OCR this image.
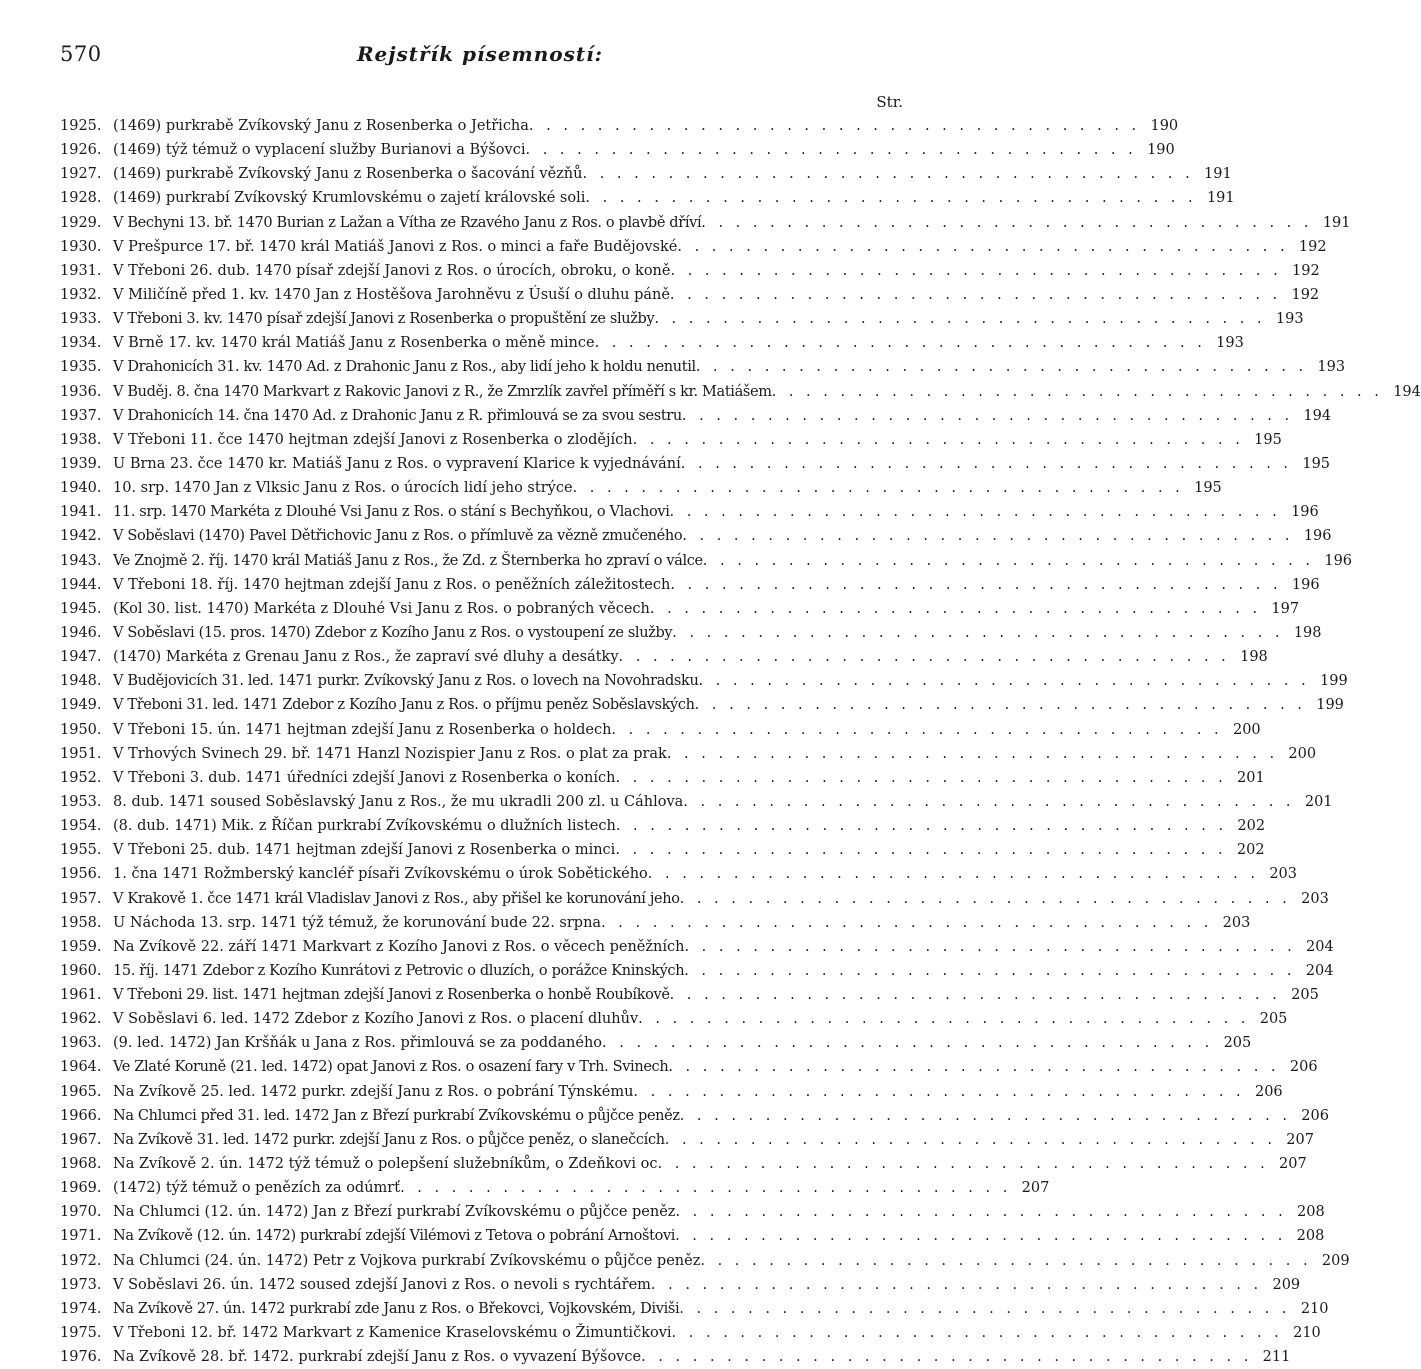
570	Rejstřík písemností:
Str.
1925. (1469) purkrabě Zvíkovský Janu z Rosenberka o Jetřicha . . . . . . . . . . . . . . . . . . . . . . . . . . . . . . . . . . . . 190
1926. (1469) týž témuž o vyplacení služby Burianovi a Býšovci . . . . . . . . . . . . . . . . . . . . . . . . . . . . . . . . . . . . 190
1927. (1469) purkrabě Zvíkovský Janu z Rosenberka o šacování vězňů . . . . . . . . . . . . . . . . . . . . . . . . . . . . . . . . . . . . 191
1928. (1469) purkrabí Zvíkovský Krumlovskému o zajetí královské soli . . . . . . . . . . . . . . . . . . . . . . . . . . . . . . . . . . . . 191
1929. V Bechyni 13. bř. 1470 Burian z Lažan a Vítha ze Rzavého Janu z Ros. o plavbě dříví . . . . . . . . . . . . . . . . . . . . . . . . . . . . . . . . . . . . 191
1930. V Prešpurce 17. bř. 1470 král Matiáš Janovi z Ros. o minci a faře Budějovské . . . . . . . . . . . . . . . . . . . . . . . . . . . . . . . . . . . . 192
1931. V Třeboni 26. dub. 1470 písař zdejší Janovi z Ros. o úrocích, obroku, o koně . . . . . . . . . . . . . . . . . . . . . . . . . . . . . . . . . . . . 192
1932. V Miličíně před 1. kv. 1470 Jan z Hostěšova Jarohněvu z Úsuší o dluhu páně . . . . . . . . . . . . . . . . . . . . . . . . . . . . . . . . . . . . 192
1933. V Třeboni 3. kv. 1470 písař zdejší Janovi z Rosenberka o propuštění ze služby . . . . . . . . . . . . . . . . . . . . . . . . . . . . . . . . . . . . 193
1934. V Brně 17. kv. 1470 král Matiáš Janu z Rosenberka o měně mince . . . . . . . . . . . . . . . . . . . . . . . . . . . . . . . . . . . . 193
1935. V Drahonicích 31. kv. 1470 Ad. z Drahonic Janu z Ros., aby lidí jeho k holdu nenutil . . . . . . . . . . . . . . . . . . . . . . . . . . . . . . . . . . . . 193
1936. V Buděj. 8. čna 1470 Markvart z Rakovic Janovi z R., že Zmrzlík zavřel příměří s kr. Matiášem . . . . . . . . . . . . . . . . . . . . . . . . . . . . . . . . . . . . 194
1937. V Drahonicích 14. čna 1470 Ad. z Drahonic Janu z R. přimlouvá se za svou sestru . . . . . . . . . . . . . . . . . . . . . . . . . . . . . . . . . . . . 194
1938. V Třeboni 11. čce 1470 hejtman zdejší Janovi z Rosenberka o zlodějích . . . . . . . . . . . . . . . . . . . . . . . . . . . . . . . . . . . . 195
1939. U Brna 23. čce 1470 kr. Matiáš Janu z Ros. o vypravení Klarice k vyjednávání . . . . . . . . . . . . . . . . . . . . . . . . . . . . . . . . . . . . 195
1940. 10. srp. 1470 Jan z Vlksic Janu z Ros. o úrocích lidí jeho strýce . . . . . . . . . . . . . . . . . . . . . . . . . . . . . . . . . . . . 195
1941. 11. srp. 1470 Markéta z Dlouhé Vsi Janu z Ros. o stání s Bechyňkou, o Vlachovi . . . . . . . . . . . . . . . . . . . . . . . . . . . . . . . . . . . . 196
1942. V Soběslavi (1470) Pavel Dětřichovic Janu z Ros. o přímluvě za vězně zmučeného . . . . . . . . . . . . . . . . . . . . . . . . . . . . . . . . . . . . 196
1943. Ve Znojmě 2. říj. 1470 král Matiáš Janu z Ros., že Zd. z Šternberka ho zpraví o válce . . . . . . . . . . . . . . . . . . . . . . . . . . . . . . . . . . . . 196
1944. V Třeboni 18. říj. 1470 hejtman zdejší Janu z Ros. o peněžních záležitostech . . . . . . . . . . . . . . . . . . . . . . . . . . . . . . . . . . . . 196
1945. (Kol 30. list. 1470) Markéta z Dlouhé Vsi Janu z Ros. o pobraných věcech . . . . . . . . . . . . . . . . . . . . . . . . . . . . . . . . . . . . 197
1946. V Soběslavi (15. pros. 1470) Zdebor z Kozího Janu z Ros. o vystoupení ze služby . . . . . . . . . . . . . . . . . . . . . . . . . . . . . . . . . . . . 198
1947. (1470) Markéta z Grenau Janu z Ros., že zapraví své dluhy a desátky . . . . . . . . . . . . . . . . . . . . . . . . . . . . . . . . . . . . 198
1948. V Budějovicích 31. led. 1471 purkr. Zvíkovský Janu z Ros. o lovech na Novohradsku . . . . . . . . . . . . . . . . . . . . . . . . . . . . . . . . . . . . 199
1949. V Třeboni 31. led. 1471 Zdebor z Kozího Janu z Ros. o příjmu peněz Soběslavských . . . . . . . . . . . . . . . . . . . . . . . . . . . . . . . . . . . . 199
1950. V Třeboni 15. ún. 1471 hejtman zdejší Janu z Rosenberka o holdech . . . . . . . . . . . . . . . . . . . . . . . . . . . . . . . . . . . . 200
1951. V Trhových Svinech 29. bř. 1471 Hanzl Nozispier Janu z Ros. o plat za prak . . . . . . . . . . . . . . . . . . . . . . . . . . . . . . . . . . . . 200
1952. V Třeboni 3. dub. 1471 úředníci zdejší Janovi z Rosenberka o koních . . . . . . . . . . . . . . . . . . . . . . . . . . . . . . . . . . . . 201
1953. 8. dub. 1471 soused Soběslavský Janu z Ros., že mu ukradli 200 zl. u Cáhlova . . . . . . . . . . . . . . . . . . . . . . . . . . . . . . . . . . . . 201
1954. (8. dub. 1471) Mik. z Říčan purkrabí Zvíkovskému o dlužních listech . . . . . . . . . . . . . . . . . . . . . . . . . . . . . . . . . . . . 202
1955. V Třeboni 25. dub. 1471 hejtman zdejší Janovi z Rosenberka o minci . . . . . . . . . . . . . . . . . . . . . . . . . . . . . . . . . . . . 202
1956. 1. čna 1471 Rožmberský kancléř písaři Zvíkovskému o úrok Sobětického . . . . . . . . . . . . . . . . . . . . . . . . . . . . . . . . . . . . 203
1957. V Krakově 1. čce 1471 král Vladislav Janovi z Ros., aby přišel ke korunování jeho . . . . . . . . . . . . . . . . . . . . . . . . . . . . . . . . . . . . 203
1958. U Náchoda 13. srp. 1471 týž témuž, že korunování bude 22. srpna . . . . . . . . . . . . . . . . . . . . . . . . . . . . . . . . . . . . 203
1959. Na Zvíkově 22. září 1471 Markvart z Kozího Janovi z Ros. o věcech peněžních . . . . . . . . . . . . . . . . . . . . . . . . . . . . . . . . . . . . 204
1960. 15. říj. 1471 Zdebor z Kozího Kunrátovi z Petrovic o dluzích, o porážce Kninských . . . . . . . . . . . . . . . . . . . . . . . . . . . . . . . . . . . . 204
1961. V Třeboni 29. list. 1471 hejtman zdejší Janovi z Rosenberka o honbě Roubíkově . . . . . . . . . . . . . . . . . . . . . . . . . . . . . . . . . . . . 205
1962. V Soběslavi 6. led. 1472 Zdebor z Kozího Janovi z Ros. o placení dluhův . . . . . . . . . . . . . . . . . . . . . . . . . . . . . . . . . . . . 205
1963. (9. led. 1472) Jan Kršňák u Jana z Ros. přimlouvá se za poddaného . . . . . . . . . . . . . . . . . . . . . . . . . . . . . . . . . . . . 205
1964. Ve Zlaté Koruně (21. led. 1472) opat Janovi z Ros. o osazení fary v Trh. Svinech . . . . . . . . . . . . . . . . . . . . . . . . . . . . . . . . . . . . 206
1965. Na Zvíkově 25. led. 1472 purkr. zdejší Janu z Ros. o pobrání Týnskému . . . . . . . . . . . . . . . . . . . . . . . . . . . . . . . . . . . . 206
1966. Na Chlumci před 31. led. 1472 Jan z Březí purkrabí Zvíkovskému o půjčce peněz . . . . . . . . . . . . . . . . . . . . . . . . . . . . . . . . . . . . 206
1967. Na Zvíkově 31. led. 1472 purkr. zdejší Janu z Ros. o půjčce peněz, o slanečcích . . . . . . . . . . . . . . . . . . . . . . . . . . . . . . . . . . . . 207
1968. Na Zvíkově 2. ún. 1472 týž témuž o polepšení služebníkům, o Zdeňkovi oc . . . . . . . . . . . . . . . . . . . . . . . . . . . . . . . . . . . . 207
1969. (1472) týž témuž o penězích za odúmrť . . . . . . . . . . . . . . . . . . . . . . . . . . . . . . . . . . . . 207
1970. Na Chlumci (12. ún. 1472) Jan z Březí purkrabí Zvíkovskému o půjčce peněz . . . . . . . . . . . . . . . . . . . . . . . . . . . . . . . . . . . . 208
1971. Na Zvíkově (12. ún. 1472) purkrabí zdejší Vilémovi z Tetova o pobrání Arnoštovi . . . . . . . . . . . . . . . . . . . . . . . . . . . . . . . . . . . . 208
1972. Na Chlumci (24. ún. 1472) Petr z Vojkova purkrabí Zvíkovskému o půjčce peněz . . . . . . . . . . . . . . . . . . . . . . . . . . . . . . . . . . . . 209
1973. V Soběslavi 26. ún. 1472 soused zdejší Janovi z Ros. o nevoli s rychtářem . . . . . . . . . . . . . . . . . . . . . . . . . . . . . . . . . . . . 209
1974. Na Zvíkově 27. ún. 1472 purkrabí zde Janu z Ros. o Břekovci, Vojkovském, Diviši . . . . . . . . . . . . . . . . . . . . . . . . . . . . . . . . . . . . 210
1975. V Třeboni 12. bř. 1472 Markvart z Kamenice Kraselovskému o Žimuntičkovi . . . . . . . . . . . . . . . . . . . . . . . . . . . . . . . . . . . . 210
1976. Na Zvíkově 28. bř. 1472. purkrabí zdejší Janu z Ros. o vyvazení Býšovce . . . . . . . . . . . . . . . . . . . . . . . . . . . . . . . . . . . . 211
